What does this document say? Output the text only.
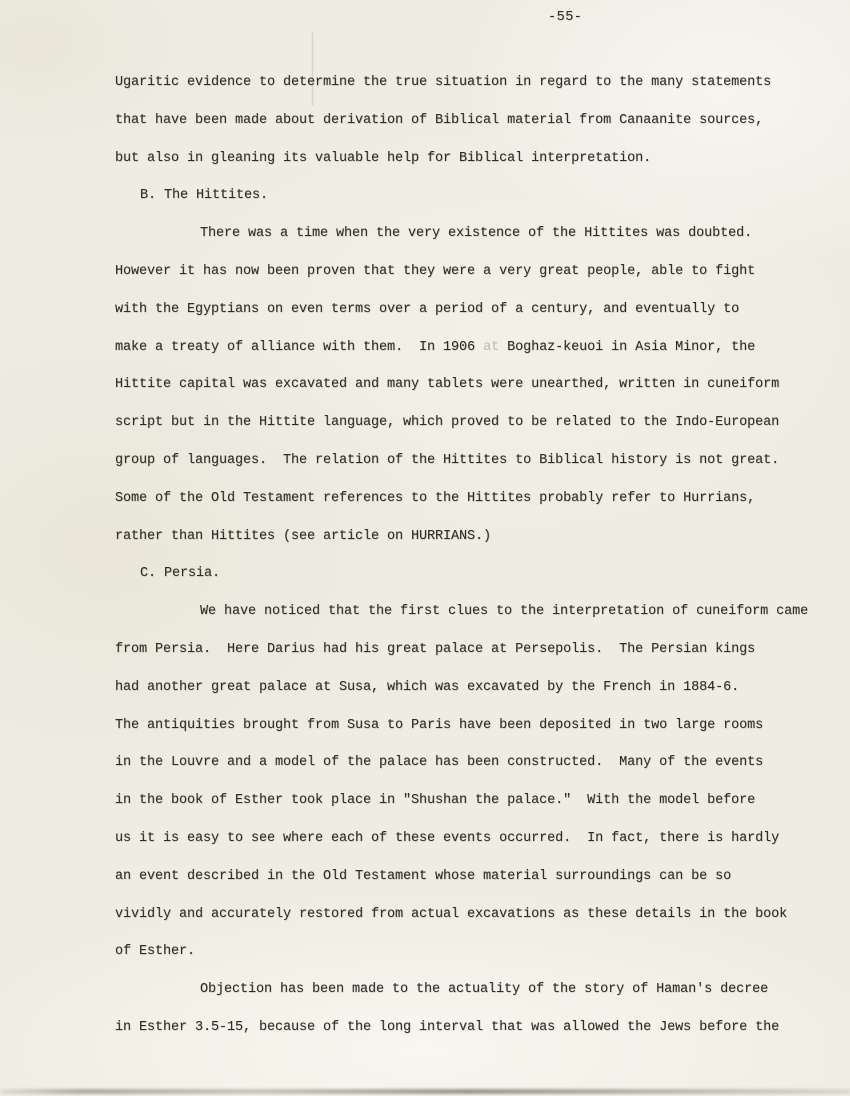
-55-
Ugaritic evidence to determine the true situation in regard to the many statements
that have been made about derivation of Biblical material from Canaanite sources,
but also in gleaning its valuable help for Biblical interpretation.
B. The Hittites.
There was a time when the very existence of the Hittites was doubted.
However it has now been proven that they were a very great people, able to fight
with the Egyptians on even terms over a period of a century, and eventually to
make a treaty of alliance with them.  In 1906 at Boghaz-keuoi in Asia Minor, the
Hittite capital was excavated and many tablets were unearthed, written in cuneiform
script but in the Hittite language, which proved to be related to the Indo-European
group of languages.  The relation of the Hittites to Biblical history is not great.
Some of the Old Testament references to the Hittites probably refer to Hurrians,
rather than Hittites (see article on HURRIANS.)
C. Persia.
We have noticed that the first clues to the interpretation of cuneiform came
from Persia.  Here Darius had his great palace at Persepolis.  The Persian kings
had another great palace at Susa, which was excavated by the French in 1884-6.
The antiquities brought from Susa to Paris have been deposited in two large rooms
in the Louvre and a model of the palace has been constructed.  Many of the events
in the book of Esther took place in "Shushan the palace."  With the model before
us it is easy to see where each of these events occurred.  In fact, there is hardly
an event described in the Old Testament whose material surroundings can be so
vividly and accurately restored from actual excavations as these details in the book
of Esther.
Objection has been made to the actuality of the story of Haman's decree
in Esther 3.5-15, because of the long interval that was allowed the Jews before the
